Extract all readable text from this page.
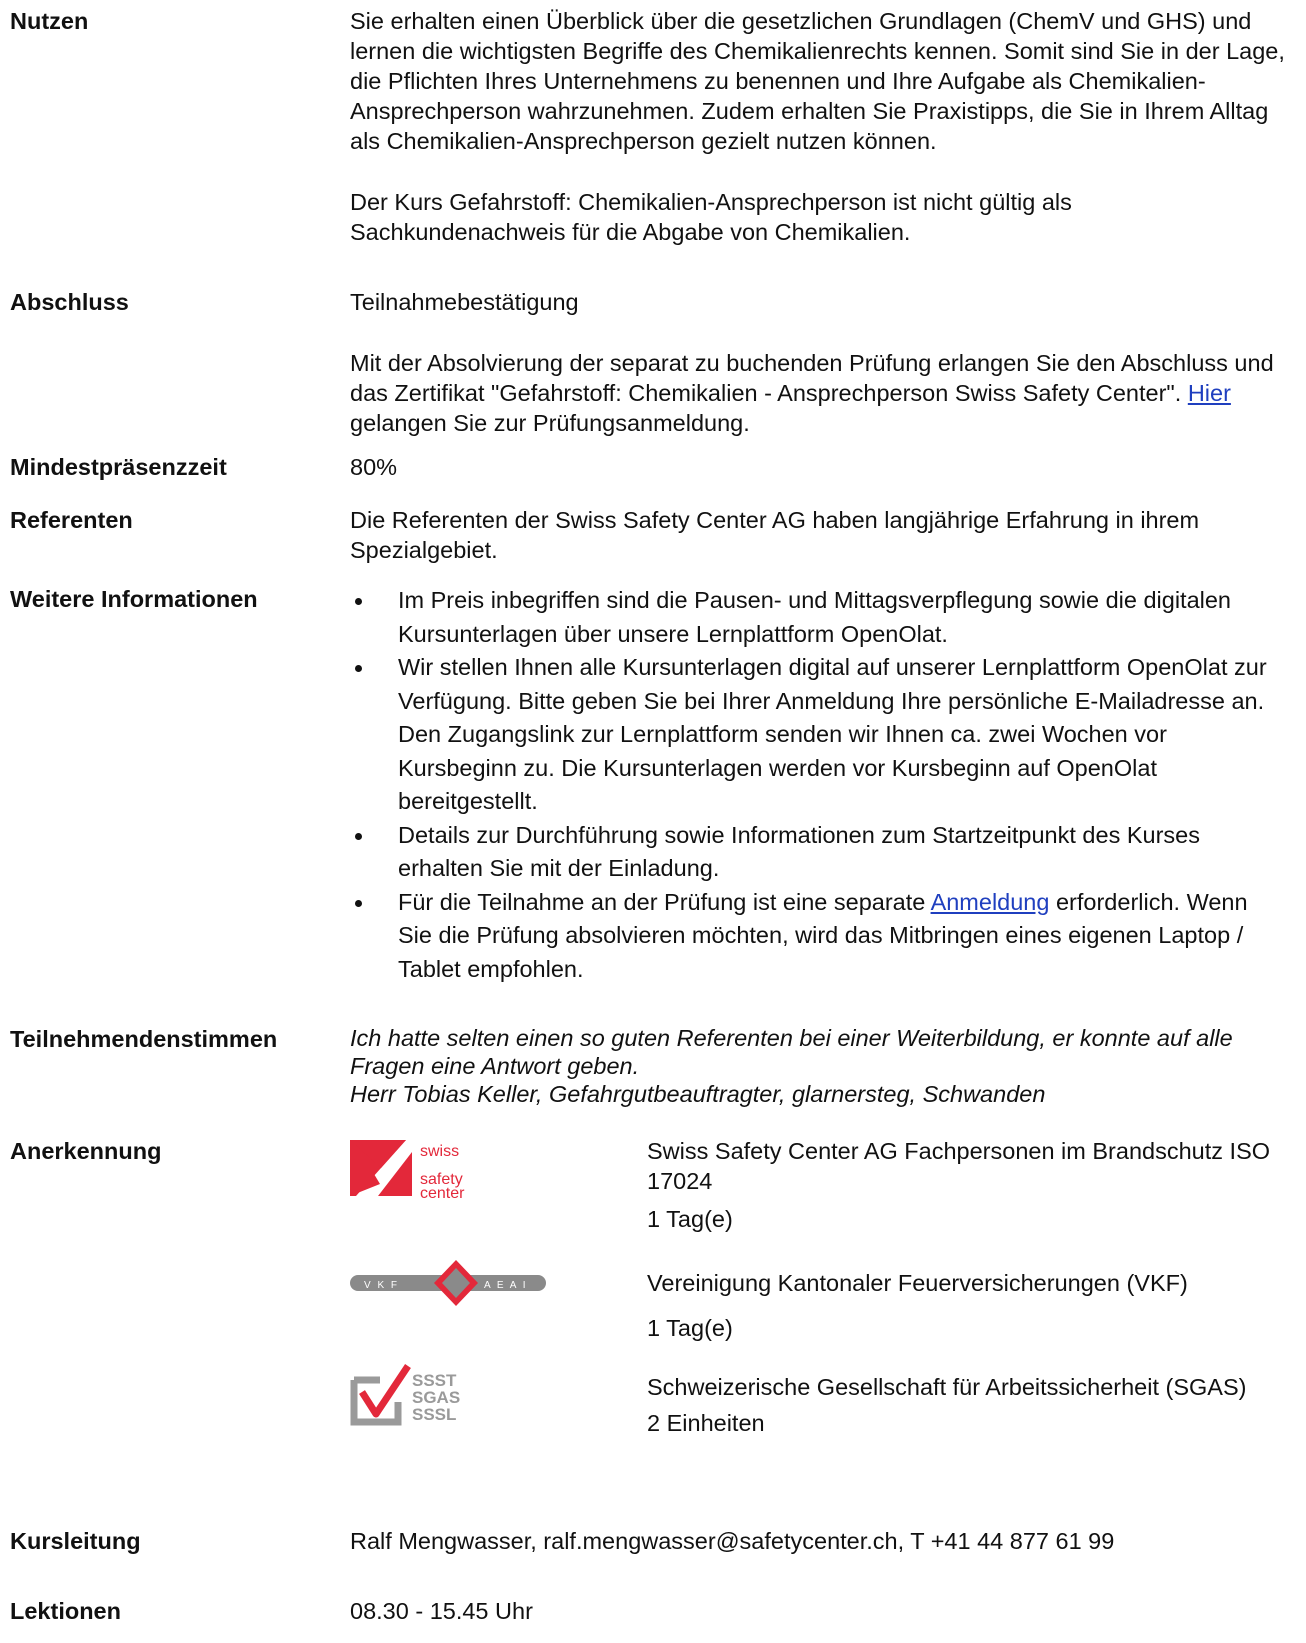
Nutzen	Sie erhalten einen Überblick über die gesetzlichen Grundlagen (ChemV und GHS) und lernen die wichtigsten Begriffe des Chemikalienrechts kennen. Somit sind Sie in der Lage, die Pflichten Ihres Unternehmens zu benennen und Ihre Aufgabe als Chemikalien-Ansprechperson wahrzunehmen. Zudem erhalten Sie Praxistipps, die Sie in Ihrem Alltag als Chemikalien-Ansprechperson gezielt nutzen können.

Der Kurs Gefahrstoff: Chemikalien-Ansprechperson ist nicht gültig als Sachkundenachweis für die Abgabe von Chemikalien.

Abschluss	Teilnahmebestätigung

Mit der Absolvierung der separat zu buchenden Prüfung erlangen Sie den Abschluss und das Zertifikat "Gefahrstoff: Chemikalien - Ansprechperson Swiss Safety Center". Hier gelangen Sie zur Prüfungsanmeldung.

Mindestpräsenzzeit	80%
Referenten	Die Referenten der Swiss Safety Center AG haben langjährige Erfahrung in ihrem Spezialgebiet.
Weitere Informationen	Im Preis inbegriffen sind die Pausen- und Mittagsverpflegung sowie die digitalen Kursunterlagen über unsere Lernplattform OpenOlat.
Wir stellen Ihnen alle Kursunterlagen digital auf unserer Lernplattform OpenOlat zur Verfügung. Bitte geben Sie bei Ihrer Anmeldung Ihre persönliche E-Mailadresse an. Den Zugangslink zur Lernplattform senden wir Ihnen ca. zwei Wochen vor Kursbeginn zu. Die Kursunterlagen werden vor Kursbeginn auf OpenOlat bereitgestellt.
Details zur Durchführung sowie Informationen zum Startzeitpunkt des Kurses erhalten Sie mit der Einladung.
Für die Teilnahme an der Prüfung ist eine separate Anmeldung erforderlich. Wenn Sie die Prüfung absolvieren möchten, wird das Mitbringen eines eigenen Laptop / Tablet empfohlen.
Teilnehmendenstimmen	Ich hatte selten einen so guten Referenten bei einer Weiterbildung, er konnte auf alle Fragen eine Antwort geben.

Herr Tobias Keller, Gefahrgutbeauftragter, glarnersteg, Schwanden

Anerkennung	swiss
safety
center

Swiss Safety Center AG Fachpersonen im Brandschutz ISO 17024

1 Tag(e)

V K F	A E A I	Vereinigung Kantonaler Feuerversicherungen (VKF)

1 Tag(e)

SSST
SGAS
SSSL

Schweizerische Gesellschaft für Arbeitssicherheit (SGAS)

2 Einheiten

Kursleitung	Ralf Mengwasser, ralf.mengwasser@safetycenter.ch, T +41 44 877 61 99
Lektionen	08.30 - 15.45 Uhr
